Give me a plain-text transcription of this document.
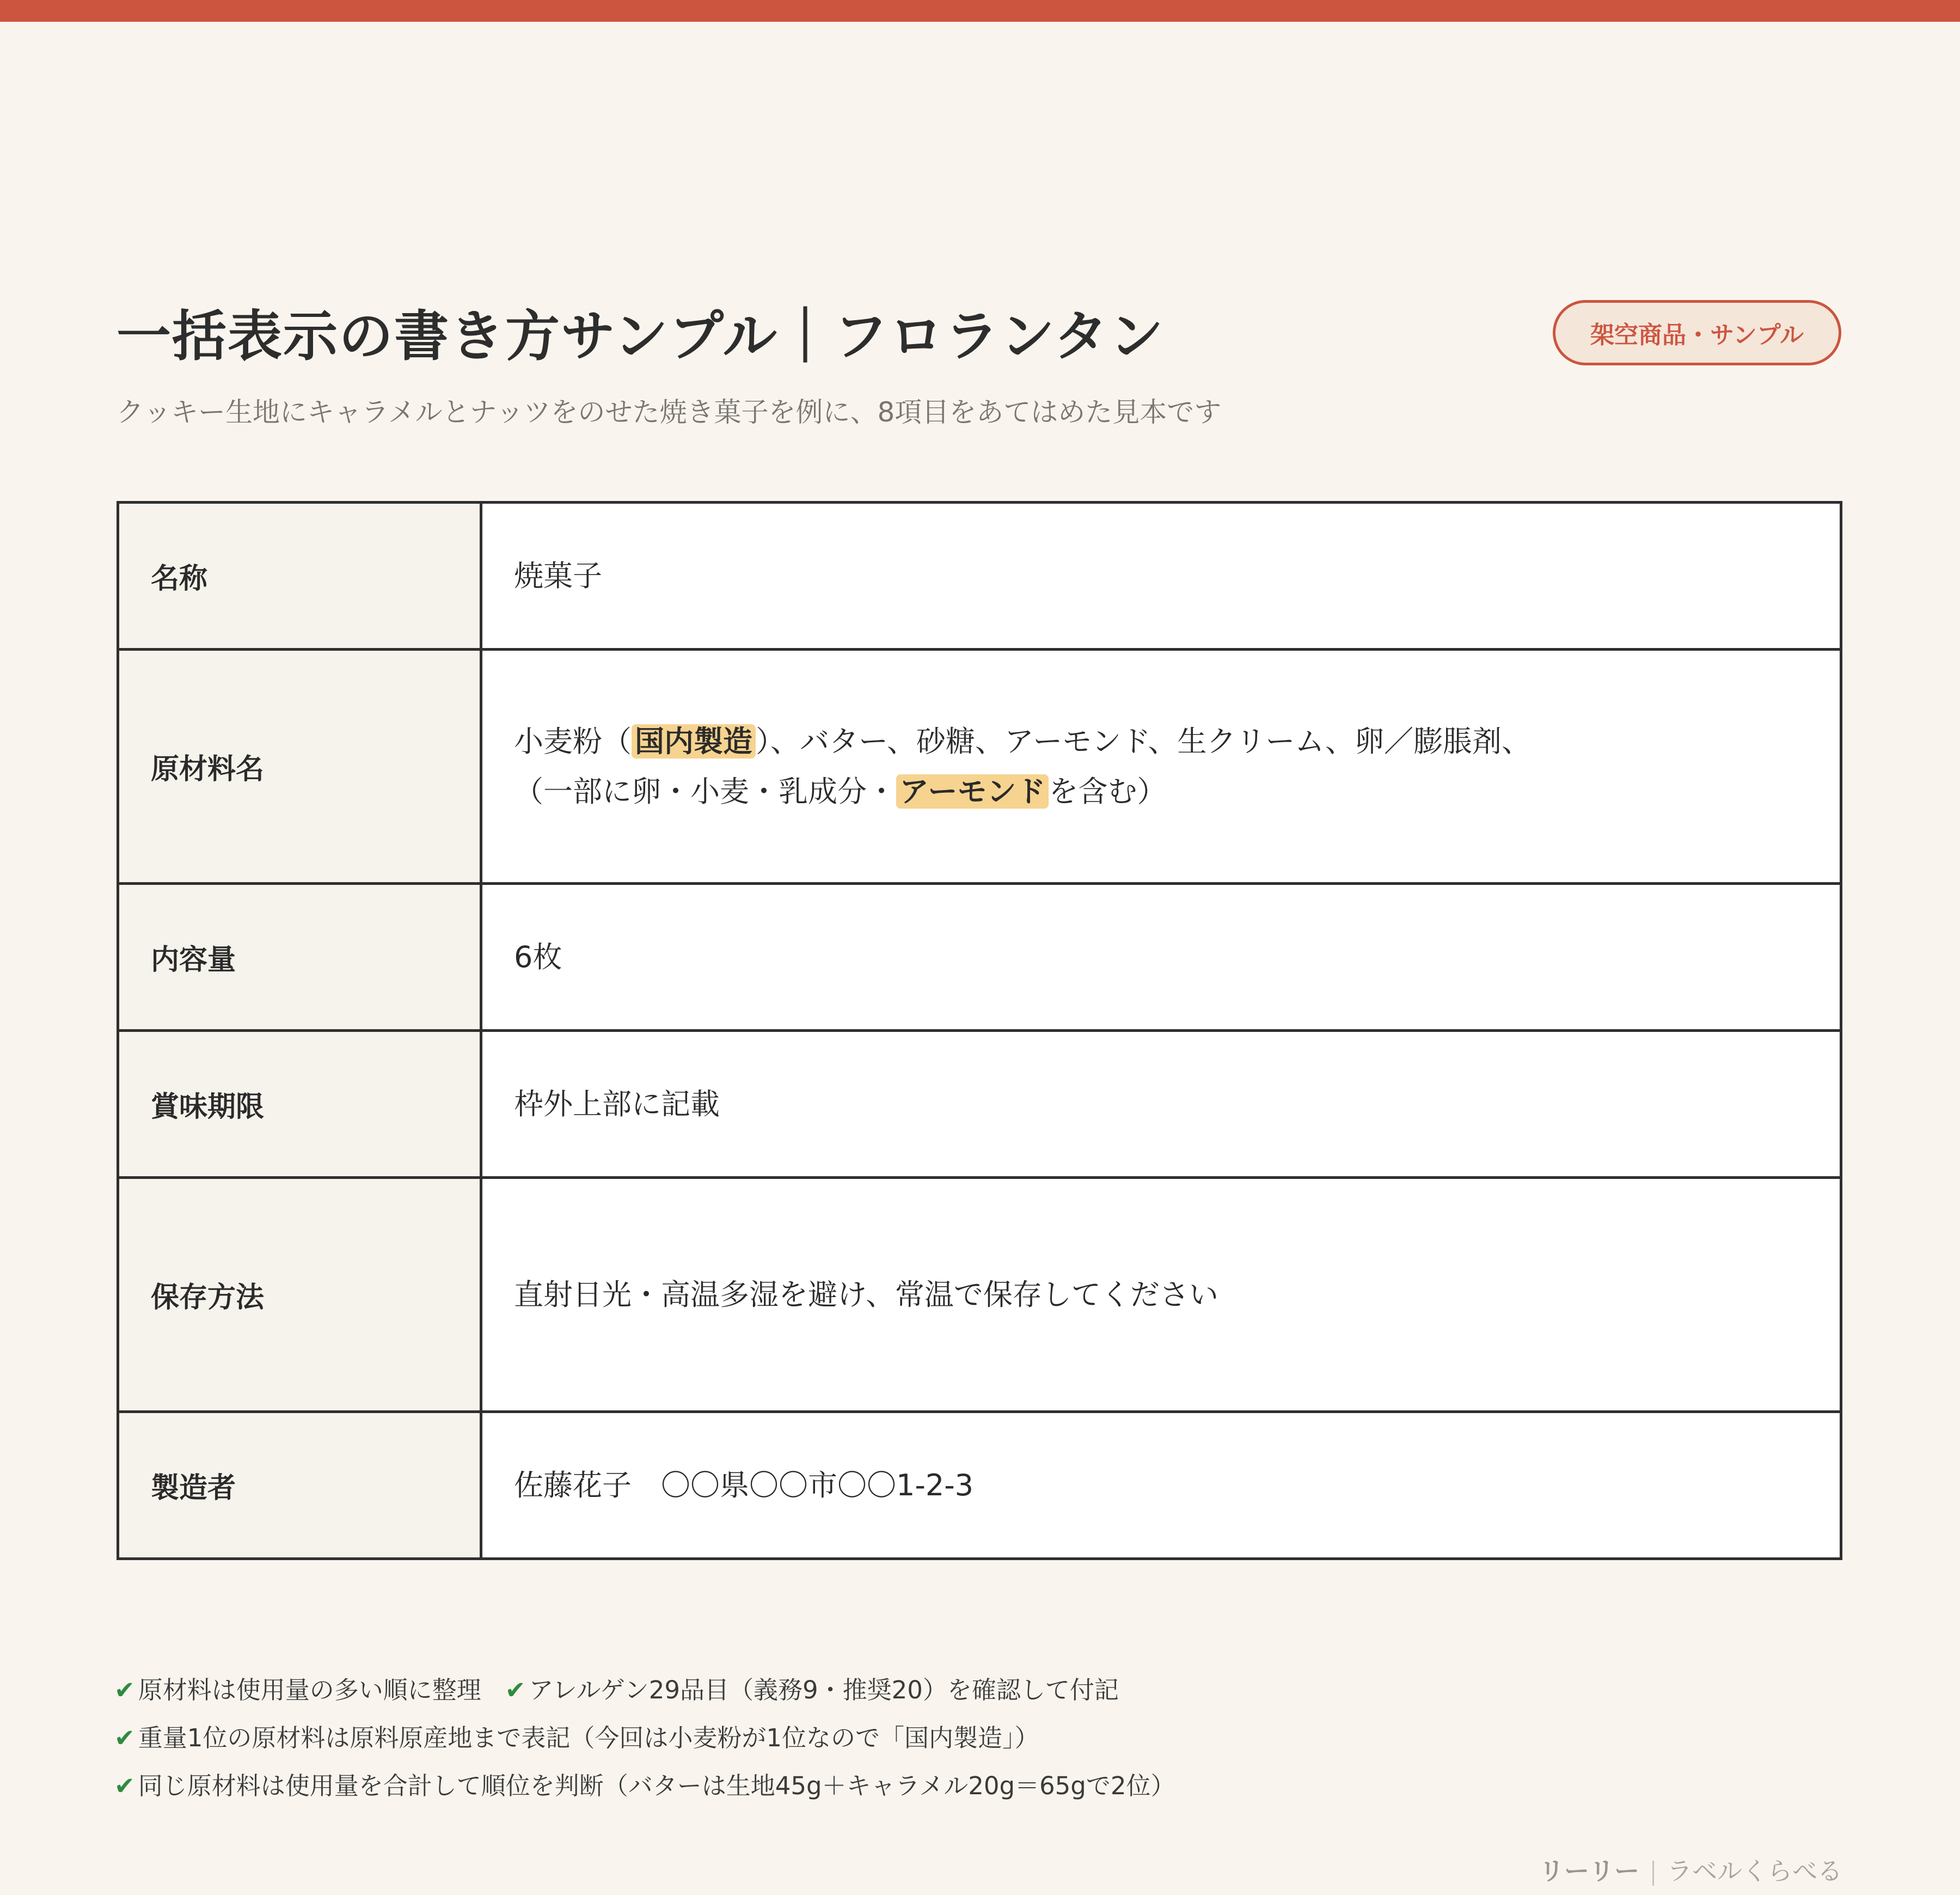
一括表示の書き方サンプル｜フロランタン	架空商品・サンプル
クッキー生地にキャラメルとナッツをのせた焼き菓子を例に、8項目をあてはめた見本です
名称	焼菓子
原材料名	小麦粉（ 国内製造 ）、バター、砂糖、アーモンド、生クリーム、卵／膨脹剤、
（一部に卵・小麦・乳成分・ アーモンド を含む）
内容量	6枚
賞味期限	枠外上部に記載
保存方法	直射日光・高温多湿を避け、常温で保存してください
製造者	佐藤花子　〇〇県〇〇市〇〇1-2-3
✔ 原材料は使用量の多い順に整理 ✔ アレルゲン29品目（義務9・推奨20）を確認して付記
✔ 重量1位の原材料は原料原産地まで表記（今回は小麦粉が1位なので「国内製造」）
✔ 同じ原材料は使用量を合計して順位を判断（バターは生地45g＋キャラメル20g＝65gで2位）
リーリー ラベルくらべる
